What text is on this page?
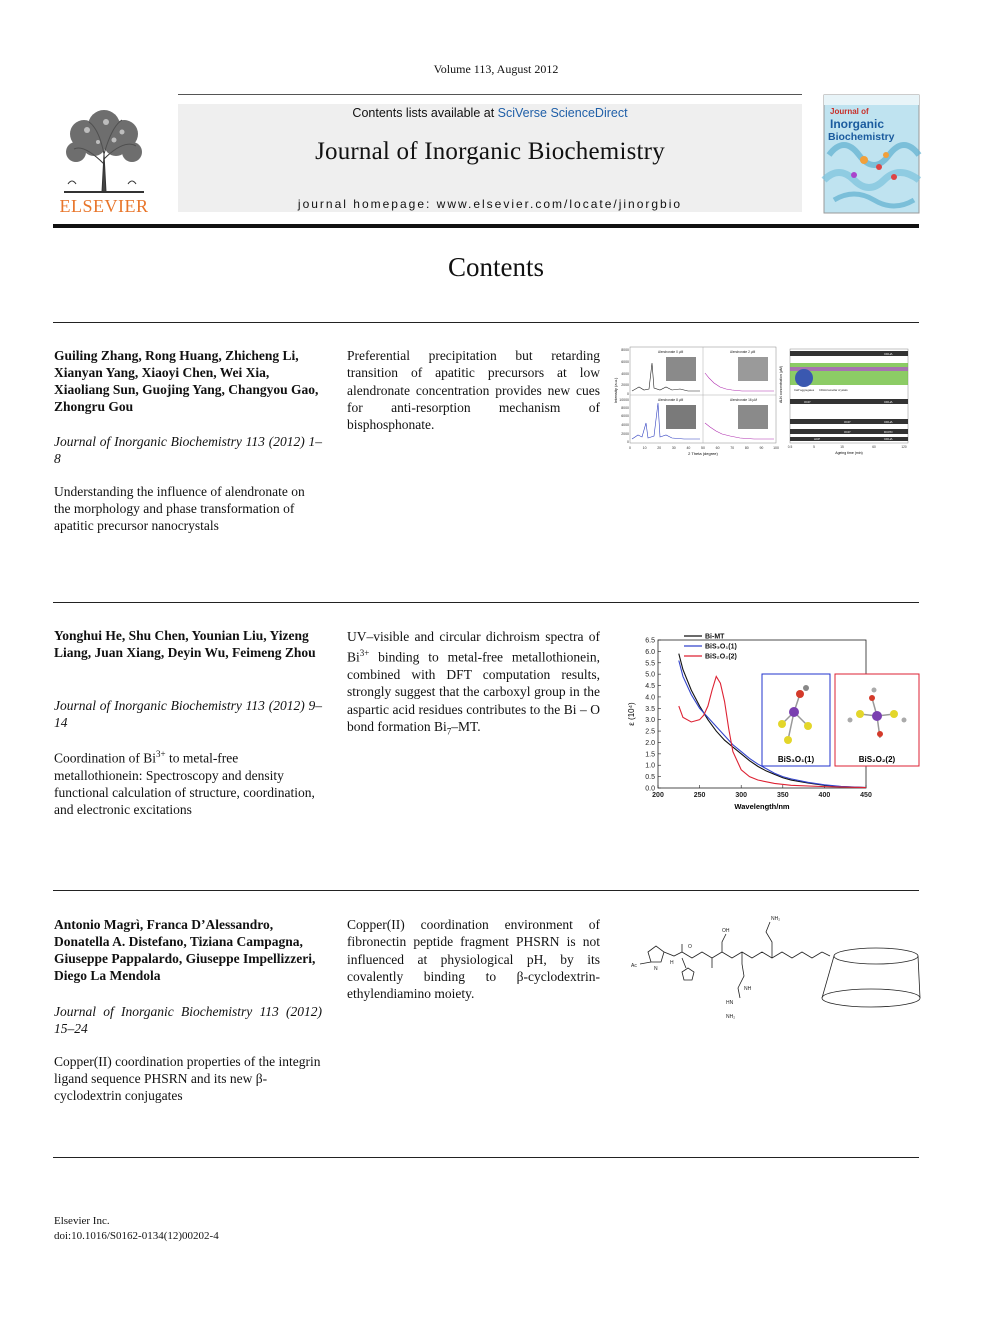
Volume 113, August 2012
ELSEVIER
Contents lists available at SciVerse ScienceDirect
Journal of Inorganic Biochemistry
journal homepage: www.elsevier.com/locate/jinorgbio
Journal of
Inorganic
Biochemistry
Contents
Guiling Zhang, Rong Huang, Zhicheng Li, Xianyan Yang, Xiaoyi Chen, Wei Xia, Xiaoliang Sun, Guojing Yang, Changyou Gao, Zhongru Gou
Journal of Inorganic Biochemistry 113 (2012) 1–8
Understanding the influence of alendronate on the morphology and phase transformation of apatitic precursor nanocrystals
Preferential precipitation but retarding transition of apatitic precursors at low alendronate concentration provides new cues for anti-resorption mechanism of bisphosphonate.
Intensity (a.u.)
8000
6000
4000
2000
0
10000
8000
6000
4000
2000
0
0	10	20	30	40	50	60	70	80	90	100
2 Theta (degree)
Alendronate 0 µM	Alendronate 2 µM
Alendronate 8 µM	Alendronate 16 µM	ALN concentration (µM)
CDHA
CDHA
OCP
CDHA
OCP
DCPD
OCP
CDHA
ACP
CaP aggregates CDHA lamellar crystals
0.5	5	15	60	120
Ageing time (min)
Yonghui He, Shu Chen, Younian Liu, Yizeng Liang, Juan Xiang, Deyin Wu, Feimeng Zhou
Journal of Inorganic Biochemistry 113 (2012) 9–14
Coordination of $Bi^{3+}$ to metal-free metallothionein: Spectroscopy and density functional calculation of structure, coordination, and electronic excitations
UV–visible and circular dichroism spectra of $Bi^{3+}$ binding to metal-free metallothionein, combined with DFT computation results, strongly suggest that the carboxyl group in the aspartic acid residues contributes to the Bi – O bond formation $Bi_7-MT$.
0.0
0.5
1.0
1.5
2.0
2.5
3.0
3.5
4.0
4.5
5.0
5.5
6.0
6.5
200	250	300	350	400	450
Wavelength/nm
ε (10⁴)
BiS₃O₁(1)	BiS₂O₂(2)
Bi-MT
BiS₃O₁(1)
BiS₂O₂(2)
Antonio Magrì, Franca D’Alessandro, Donatella A. Distefano, Tiziana Campagna, Giuseppe Pappalardo, Giuseppe Impellizzeri, Diego La Mendola
Journal of Inorganic Biochemistry 113 (2012) 15–24
Copper(II) coordination properties of the integrin ligand sequence PHSRN and its new β-cyclodextrin conjugates
Copper(II) coordination environment of fibronectin peptide fragment PHSRN is not influenced at physiological pH, by its covalently binding to β-cyclodextrin-ethylendiamino moiety.
Ac
NH₂
O
NH
HN
NH₂
OH
N
H
Elsevier Inc.
doi:10.1016/S0162-0134(12)00202-4
